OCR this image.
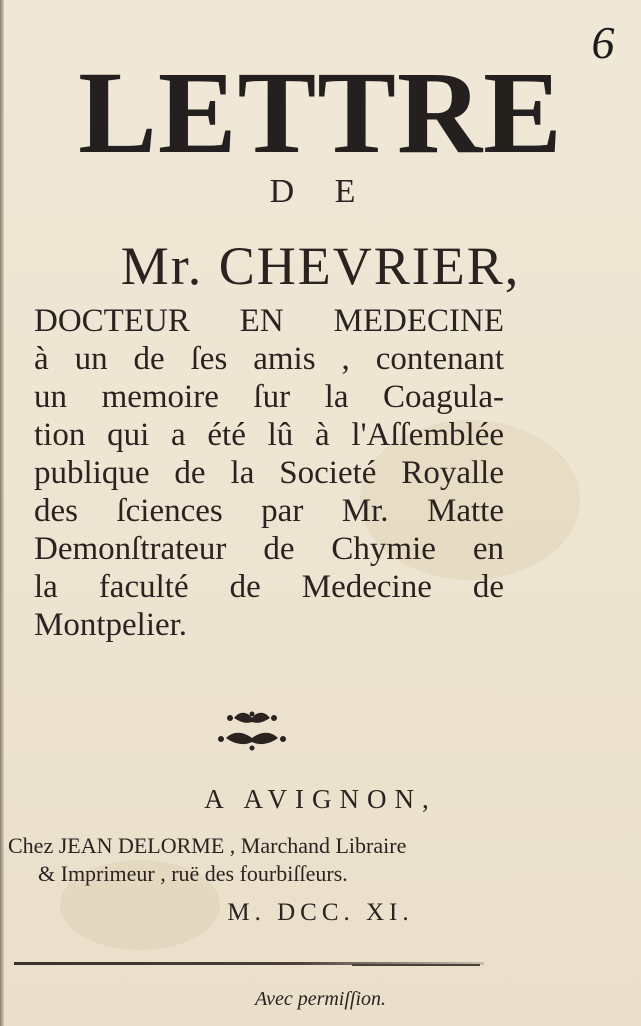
6
LETTRE
D E
Mr. CHEVRIER,
DOCTEUR EN MEDECINE
à un de ſes amis , contenant
un memoire ſur la Coagula-
tion qui a été lû à l'Aſſemblée
publique de la Societé Royalle
des ſciences par Mr. Matte
Demonſtrateur de Chymie en
la faculté de Medecine de
Montpelier.
A AVIGNON,
Chez JEAN DELORME , Marchand Libraire
& Imprimeur , ruë des fourbiſſeurs.
M. DCC. XI.
Avec permiſſion.
